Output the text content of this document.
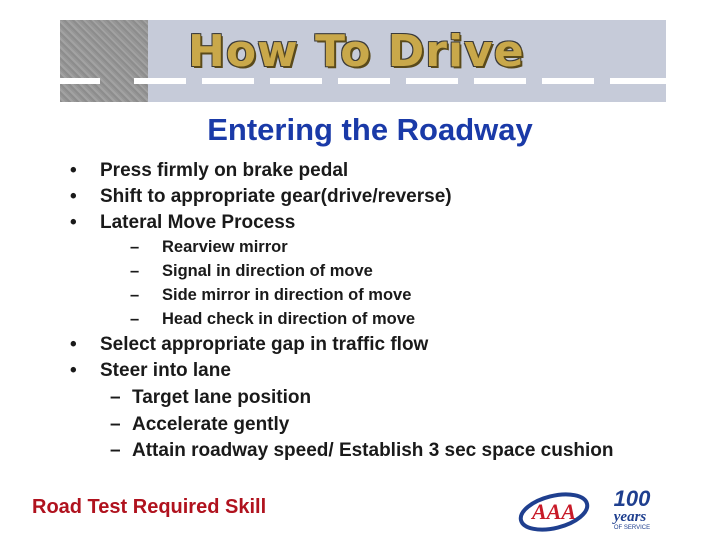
How To Drive
Entering the Roadway
• Press firmly on brake pedal
• Shift to appropriate gear(drive/reverse)
• Lateral Move Process
– Rearview mirror
– Signal in direction of move
– Side mirror in direction of move
– Head check in direction of move
• Select appropriate gap in traffic flow
• Steer into lane
– Target lane position
– Accelerate gently
– Attain roadway speed/ Establish 3 sec space cushion
Road Test Required Skill	AAA
100
years
OF SERVICE
